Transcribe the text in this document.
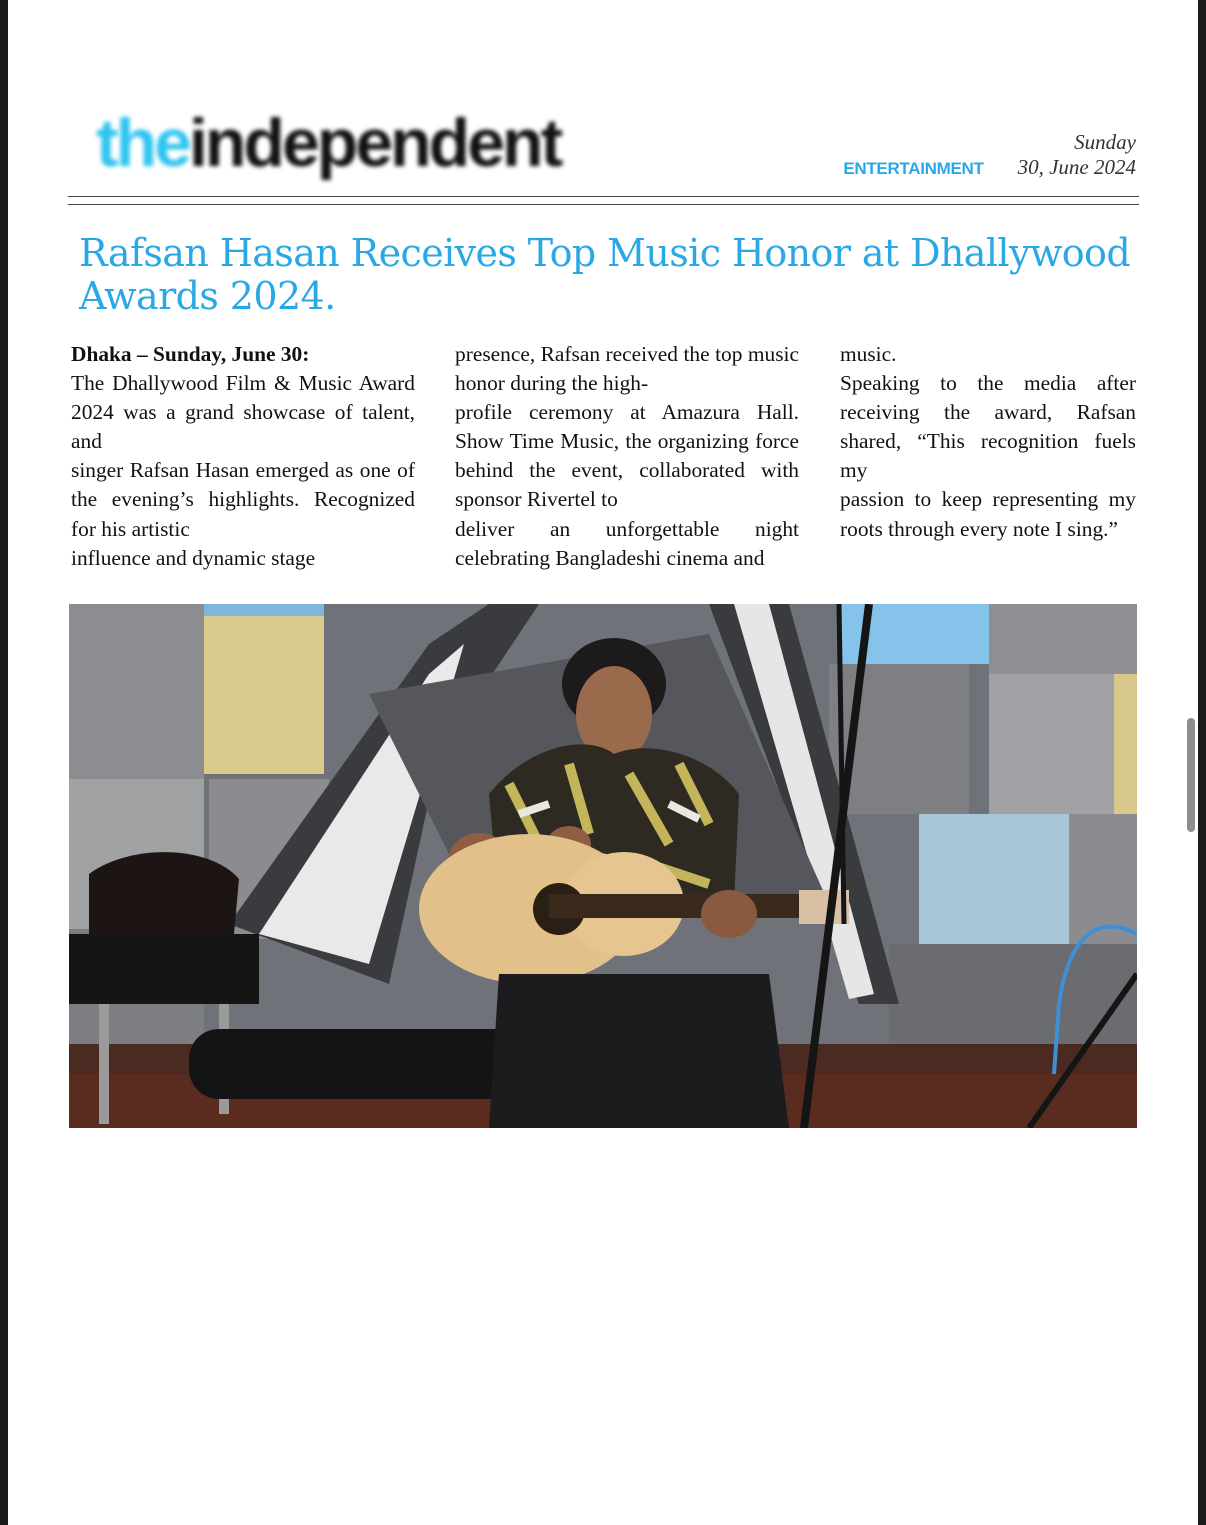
theindependent	Sunday
ENTERTAINMENT 30, June 2024
Rafsan Hasan Receives Top Music Honor at Dhallywood Awards 2024.

Dhaka – Sunday, June 30:

The Dhallywood Film & Music Award 2024 was a grand showcase of talent, and

singer Rafsan Hasan emerged as one of the evening’s highlights. Recognized for his artistic

influence and dynamic stage

presence, Rafsan received the top music honor during the high-

profile ceremony at Amazura Hall. Show Time Music, the organizing force behind the event, collaborated with sponsor Rivertel to

deliver an unforgettable night celebrating Bangladeshi cinema and

music.

Speaking to the media after receiving the award, Rafsan shared, “This recognition fuels my

passion to keep representing my roots through every note I sing.”
